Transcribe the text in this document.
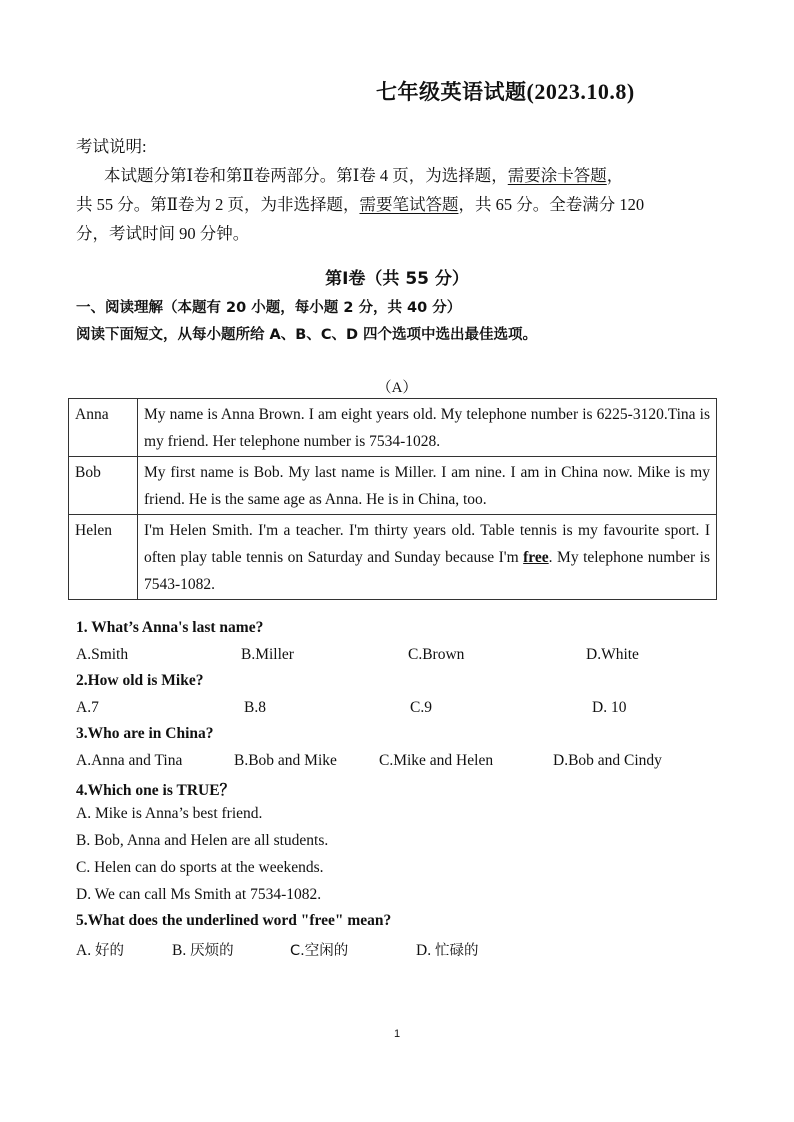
七年级英语试题(2023.10.8)
考试说明:
本试题分第Ⅰ卷和第Ⅱ卷两部分。第Ⅰ卷 4 页，为选择题，需要涂卡答题，
共 55 分。第Ⅱ卷为 2 页，为非选择题，需要笔试答题，共 65 分。全卷满分 120
分，考试时间 90 分钟。
第Ⅰ卷（共 55 分）
一、阅读理解（本题有 20 小题，每小题 2 分，共 40 分）
阅读下面短文，从每小题所给 A、B、C、D 四个选项中选出最佳选项。
（A）
Anna	My name is Anna Brown. I am eight years old. My telephone number is 6225-3120.Tina is my friend. Her telephone number is 7534-1028.
Bob	My first name is Bob. My last name is Miller. I am nine. I am in China now. Mike is my friend. He is the same age as Anna. He is in China, too.
Helen	I'm Helen Smith. I'm a teacher. I'm thirty years old. Table tennis is my favourite sport. I often play table tennis on Saturday and Sunday because I'm free. My telephone number is 7543-1082.
1. What’s Anna's last name?
A.Smith	B.Miller	C.Brown	D.White
2.How old is Mike?
A.7	B.8	C.9	D. 10
3.Who are in China?
A.Anna and Tina	B.Bob and Mike	C.Mike and Helen	D.Bob and Cindy
4.Which one is TRUE？
A. Mike is Anna’s best friend.
B. Bob, Anna and Helen are all students.
C. Helen can do sports at the weekends.
D. We can call Ms Smith at 7534-1082.
5.What does the underlined word "free" mean?
A. 好的	B. 厌烦的	C.空闲的	D. 忙碌的
1
